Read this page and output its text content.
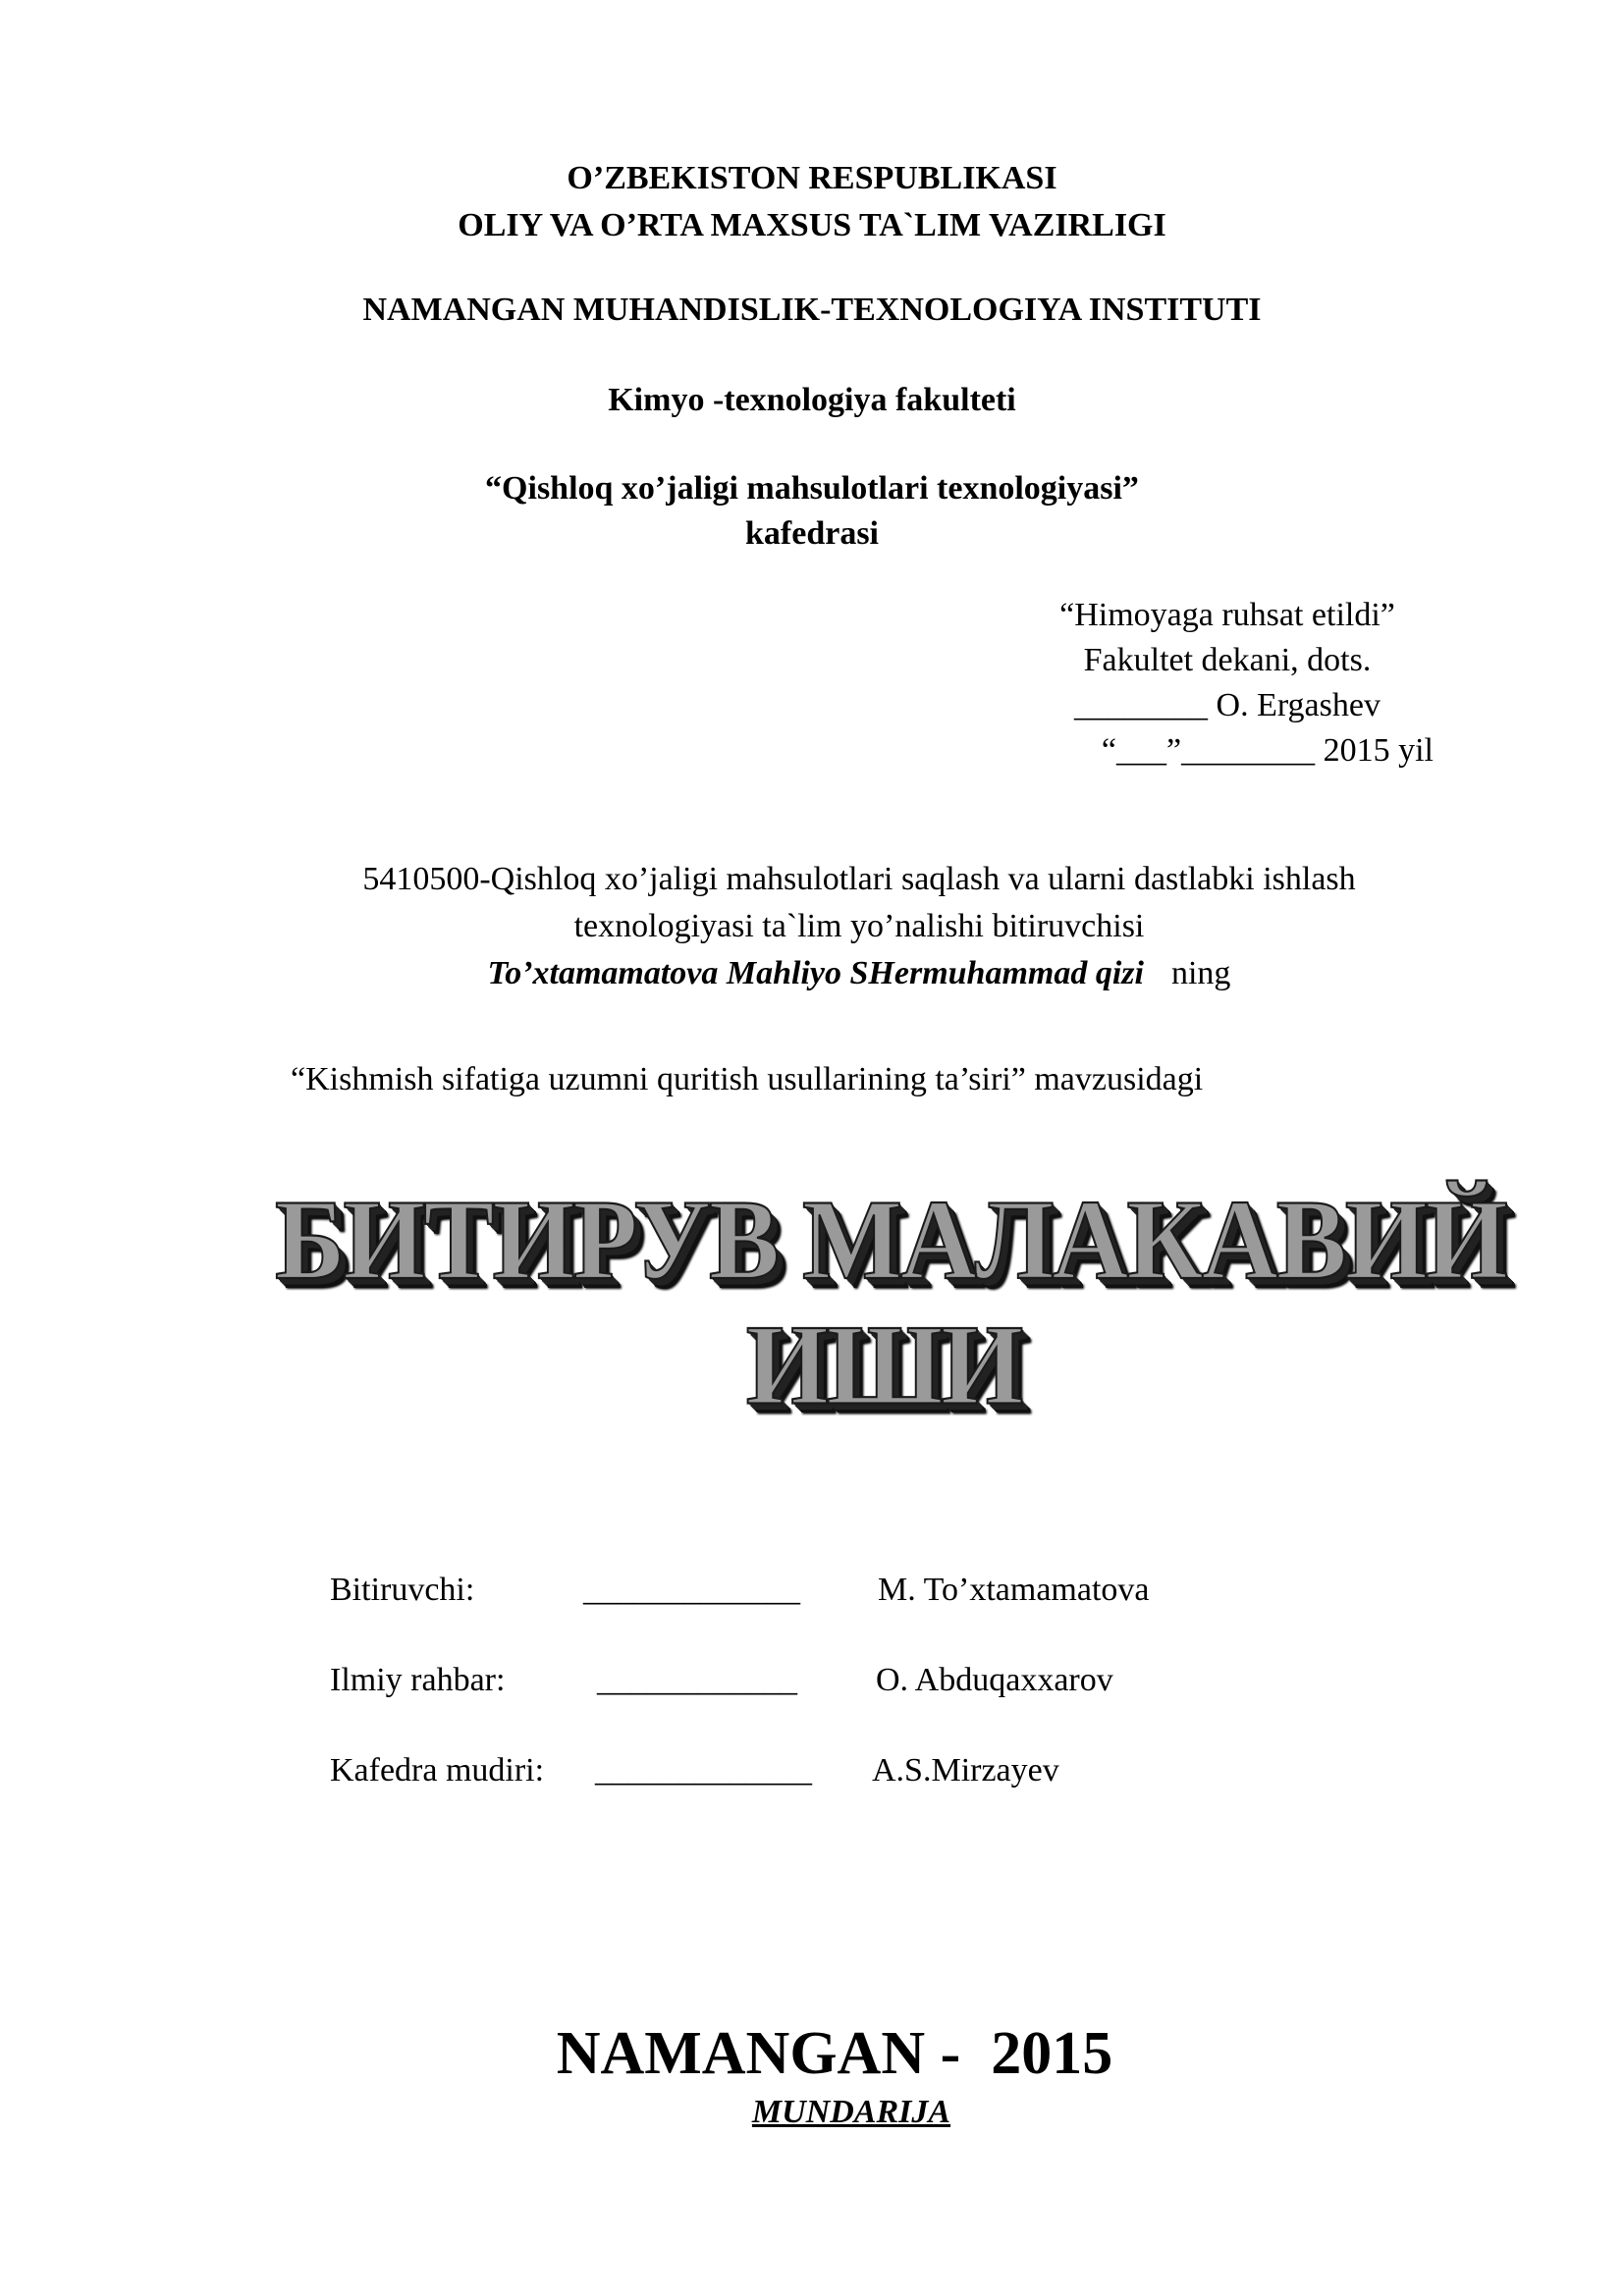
O’ZBEKISTON RESPUBLIKASI
OLIY VA O’RTA MAXSUS TA`LIM VAZIRLIGI
NAMANGAN MUHANDISLIK-TEXNOLOGIYA INSTITUTI
Kimyo -texnologiya fakulteti
“Qishloq xo’jaligi mahsulotlari texnologiyasi”
kafedrasi
“Himoyaga ruhsat etildi”
Fakultet dekani, dots.
________ O. Ergashev
“___”________ 2015 yil
5410500-Qishloq xo’jaligi mahsulotlari saqlash va ularni dastlabki ishlash
texnologiyasi ta`lim yo’nalishi bitiruvchisi
To’xtamamatova Mahliyo SHermuhammad qizi ning
“Kishmish sifatiga uzumni quritish usullarining ta’siri” mavzusidagi
БИТИРУВ МАЛАКАВИЙ
ИШИ
Bitiruvchi:	_____________ M. To’xtamamatova
Ilmiy rahbar:	____________ O. Abduqaxxarov
Kafedra mudiri: _____________ A.S.Mirzayev
NAMANGAN -  2015
MUNDARIJA
